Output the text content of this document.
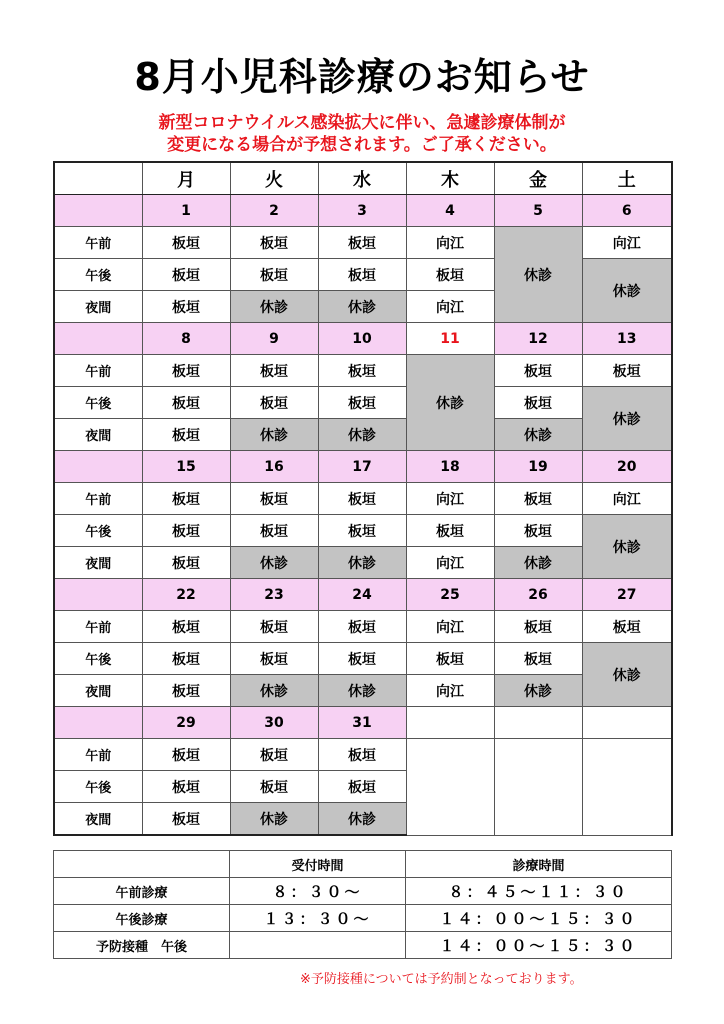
8月小児科診療のお知らせ
新型コロナウイルス感染拡大に伴い、急遽診療体制が
変更になる場合が予想されます。ご了承ください。
	月	火	水	木	金	土
	1	2	3	4	5	6
午前	板垣	板垣	板垣	向江	休診	向江
午後	板垣	板垣	板垣	板垣		休診
夜間	板垣	休診	休診	向江		
	8	9	10	11	12	13
午前	板垣	板垣	板垣	休診	板垣	板垣
午後	板垣	板垣	板垣		板垣	休診
夜間	板垣	休診	休診		休診	
	15	16	17	18	19	20
午前	板垣	板垣	板垣	向江	板垣	向江
午後	板垣	板垣	板垣	板垣	板垣	休診
夜間	板垣	休診	休診	向江	休診	
	22	23	24	25	26	27
午前	板垣	板垣	板垣	向江	板垣	板垣
午後	板垣	板垣	板垣	板垣	板垣	休診
夜間	板垣	休診	休診	向江	休診	
	29	30	31			
午前	板垣	板垣	板垣			
午後	板垣	板垣	板垣			
夜間	板垣	休診	休診			
	受付時間	診療時間
午前診療	８：３０～	８：４５～１１：３０
午後診療	１３：３０～	１４：００～１５：３０
予防接種　午後		１４：００～１５：３０
※予防接種については予約制となっております。
